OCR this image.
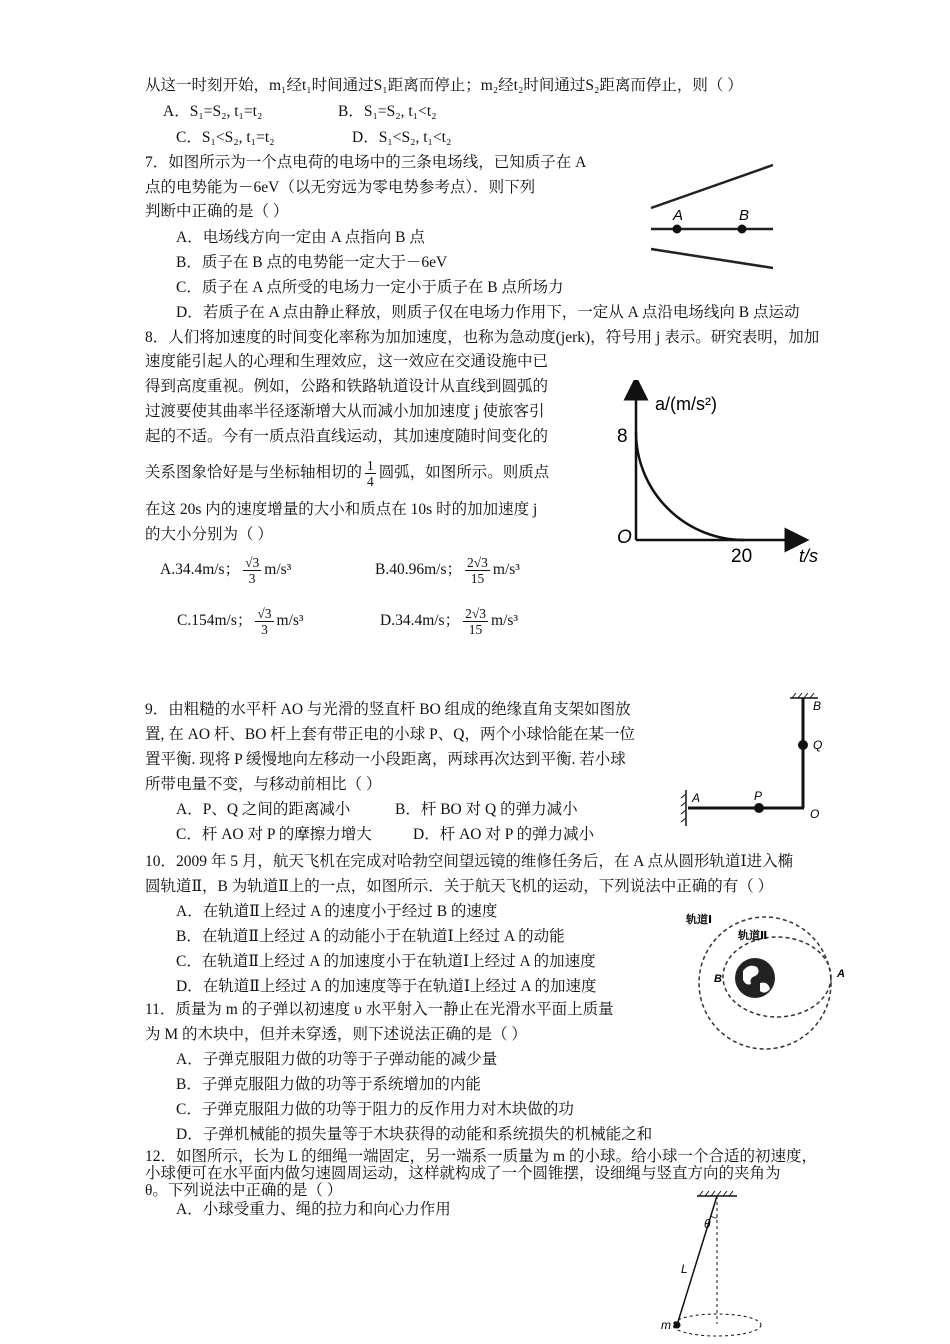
从这一时刻开始，m₁经t₁时间通过S₁距离而停止；m₂经t₂时间通过S₂距离而停止，则（ ）
A．S₁=S₂, t₁=t₂	B．S₁=S₂, t₁<t₂
C．S₁<S₂, t₁=t₂	D．S₁<S₂, t₁<t₂
7．如图所示为一个点电荷的电场中的三条电场线，已知质子在 A
点的电势能为－6eV（以无穷远为零电势参考点）．则下列
判断中正确的是（ ）
A．电场线方向一定由 A 点指向 B 点
B．质子在 B 点的电势能一定大于－6eV
C．质子在 A 点所受的电场力一定小于质子在 B 点所场力
D．若质子在 A 点由静止释放，则质子仅在电场力作用下，一定从 A 点沿电场线向 B 点运动
A	B
8．人们将加速度的时间变化率称为加加速度，也称为急动度(jerk)，符号用 j 表示。研究表明，加加
速度能引起人的心理和生理效应，这一效应在交通设施中已
得到高度重视。例如，公路和铁路轨道设计从直线到圆弧的
过渡要使其曲率半径逐渐增大从而减小加加速度 j 使旅客引
起的不适。今有一质点沿直线运动，其加速度随时间变化的
关系图象恰好是与坐标轴相切的 $\frac{1}{4}$ 圆弧，如图所示。则质点
在这 20s 内的速度增量的大小和质点在 10s 时的加加速度 j
的大小分别为（ ）
A.34.4m/s； $\frac{√3}{3} m/s^3$	B.40.96m/s； $\frac{2√3}{15} m/s^3$
C.154m/s； $\frac{√3}{3} m/s^3$	D.34.4m/s； $\frac{2√3}{15} m/s^3$
a/(m/s²)
8
O
20	t/s
9．由粗糙的水平杆 AO 与光滑的竖直杆 BO 组成的绝缘直角支架如图放
置, 在 AO 杆、BO 杆上套有带正电的小球 P、Q，两个小球恰能在某一位
置平衡. 现将 P 缓慢地向左移动一小段距离，两球再次达到平衡. 若小球
所带电量不变，与移动前相比（ ）
A．P、Q 之间的距离减小	B．杆 BO 对 Q 的弹力减小
C．杆 AO 对 P 的摩擦力增大	D．杆 AO 对 P 的弹力减小
B
Q
P
A
O
10．2009 年 5 月，航天飞机在完成对哈勃空间望远镜的维修任务后，在 A 点从圆形轨道Ⅰ进入椭
圆轨道Ⅱ，B 为轨道Ⅱ上的一点，如图所示．关于航天飞机的运动，下列说法中正确的有（ ）
A．在轨道Ⅱ上经过 A 的速度小于经过 B 的速度
B．在轨道Ⅱ上经过 A 的动能小于在轨道Ⅰ上经过 A 的动能
C．在轨道Ⅱ上经过 A 的加速度小于在轨道Ⅰ上经过 A 的加速度
D．在轨道Ⅱ上经过 A 的加速度等于在轨道Ⅰ上经过 A 的加速度
轨道Ⅰ
轨道Ⅱ
B	A
11．质量为 m 的子弹以初速度 υ 水平射入一静止在光滑水平面上质量
为 M 的木块中，但并未穿透，则下述说法正确的是（ ）
A．子弹克服阻力做的功等于子弹动能的减少量
B．子弹克服阻力做的功等于系统增加的内能
C．子弹克服阻力做的功等于阻力的反作用力对木块做的功
D．子弹机械能的损失量等于木块获得的动能和系统损失的机械能之和
12．如图所示，长为 L 的细绳一端固定，另一端系一质量为 m 的小球。给小球一个合适的初速度，
小球便可在水平面内做匀速圆周运动，这样就构成了一个圆锥摆，设细绳与竖直方向的夹角为
θ。下列说法中正确的是（ ）
A．小球受重力、绳的拉力和向心力作用
θ
L
m
